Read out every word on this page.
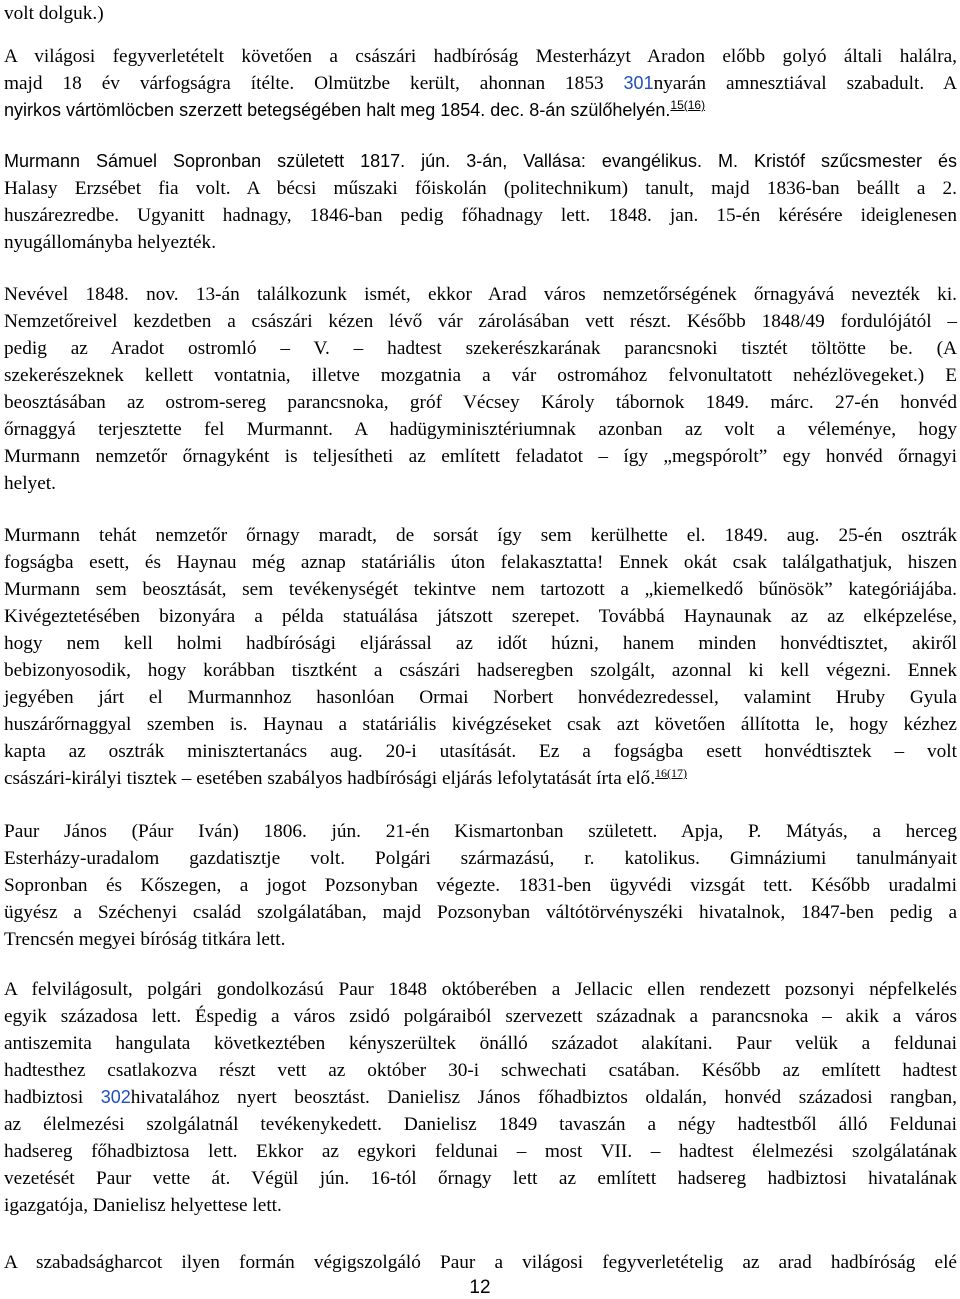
volt dolguk.)
A világosi fegyverletételt követően a császári hadbíróság Mesterházyt Aradon előbb golyó általi halálra,
majd 18 év várfogságra ítélte. Olmützbe került, ahonnan 1853 301nyarán amnesztiával szabadult. A
nyirkos vártömlöcben szerzett betegségében halt meg 1854. dec. 8-án szülőhelyén.$^{15(16)}$
Murmann Sámuel Sopronban született 1817. jún. 3-án, Vallása: evangélikus. M. Kristóf szűcsmester és
Halasy Erzsébet fia volt. A bécsi műszaki főiskolán (politechnikum) tanult, majd 1836-ban beállt a 2.
huszárezredbe. Ugyanitt hadnagy, 1846-ban pedig főhadnagy lett. 1848. jan. 15-én kérésére ideiglenesen
nyugállományba helyezték.
Nevével 1848. nov. 13-án találkozunk ismét, ekkor Arad város nemzetőrségének őrnagyává nevezték ki.
Nemzetőreivel kezdetben a császári kézen lévő vár zárolásában vett részt. Később 1848/49 fordulójától –
pedig az Aradot ostromló – V. – hadtest szekerészkarának parancsnoki tisztét töltötte be. (A
szekerészeknek kellett vontatnia, illetve mozgatnia a vár ostromához felvonultatott nehézlövegeket.) E
beosztásában az ostrom-sereg parancsnoka, gróf Vécsey Károly tábornok 1849. márc. 27-én honvéd
őrnaggyá terjesztette fel Murmannt. A hadügyminisztériumnak azonban az volt a véleménye, hogy
Murmann nemzetőr őrnagyként is teljesítheti az említett feladatot – így „megspórolt” egy honvéd őrnagyi
helyet.
Murmann tehát nemzetőr őrnagy maradt, de sorsát így sem kerülhette el. 1849. aug. 25-én osztrák
fogságba esett, és Haynau még aznap statáriális úton felakasztatta! Ennek okát csak találgathatjuk, hiszen
Murmann sem beosztását, sem tevékenységét tekintve nem tartozott a „kiemelkedő bűnösök” kategóriájába.
Kivégeztetésében bizonyára a példa statuálása játszott szerepet. Továbbá Haynaunak az az elképzelése,
hogy nem kell holmi hadbírósági eljárással az időt húzni, hanem minden honvédtisztet, akiről
bebizonyosodik, hogy korábban tisztként a császári hadseregben szolgált, azonnal ki kell végezni. Ennek
jegyében járt el Murmannhoz hasonlóan Ormai Norbert honvédezredessel, valamint Hruby Gyula
huszárőrnaggyal szemben is. Haynau a statáriális kivégzéseket csak azt követően állította le, hogy kézhez
kapta az osztrák minisztertanács aug. 20-i utasítását. Ez a fogságba esett honvédtisztek – volt
császári-királyi tisztek – esetében szabályos hadbírósági eljárás lefolytatását írta elő.$^{16(17)}$
Paur János (Páur Iván) 1806. jún. 21-én Kismartonban született. Apja, P. Mátyás, a herceg
Esterházy-uradalom gazdatisztje volt. Polgári származású, r. katolikus. Gimnáziumi tanulmányait
Sopronban és Kőszegen, a jogot Pozsonyban végezte. 1831-ben ügyvédi vizsgát tett. Később uradalmi
ügyész a Széchenyi család szolgálatában, majd Pozsonyban váltótörvényszéki hivatalnok, 1847-ben pedig a
Trencsén megyei bíróság titkára lett.
A felvilágosult, polgári gondolkozású Paur 1848 októberében a Jellacic ellen rendezett pozsonyi népfelkelés
egyik századosa lett. Éspedig a város zsidó polgáraiból szervezett századnak a parancsnoka – akik a város
antiszemita hangulata következtében kényszerültek önálló századot alakítani. Paur velük a feldunai
hadtesthez csatlakozva részt vett az október 30-i schwechati csatában. Később az említett hadtest
hadbiztosi 302hivatalához nyert beosztást. Danielisz János főhadbiztos oldalán, honvéd századosi rangban,
az élelmezési szolgálatnál tevékenykedett. Danielisz 1849 tavaszán a négy hadtestből álló Feldunai
hadsereg főhadbiztosa lett. Ekkor az egykori feldunai – most VII. – hadtest élelmezési szolgálatának
vezetését Paur vette át. Végül jún. 16-tól őrnagy lett az említett hadsereg hadbiztosi hivatalának
igazgatója, Danielisz helyettese lett.
A szabadságharcot ilyen formán végigszolgáló Paur a világosi fegyverletételig az arad hadbíróság elé
12
